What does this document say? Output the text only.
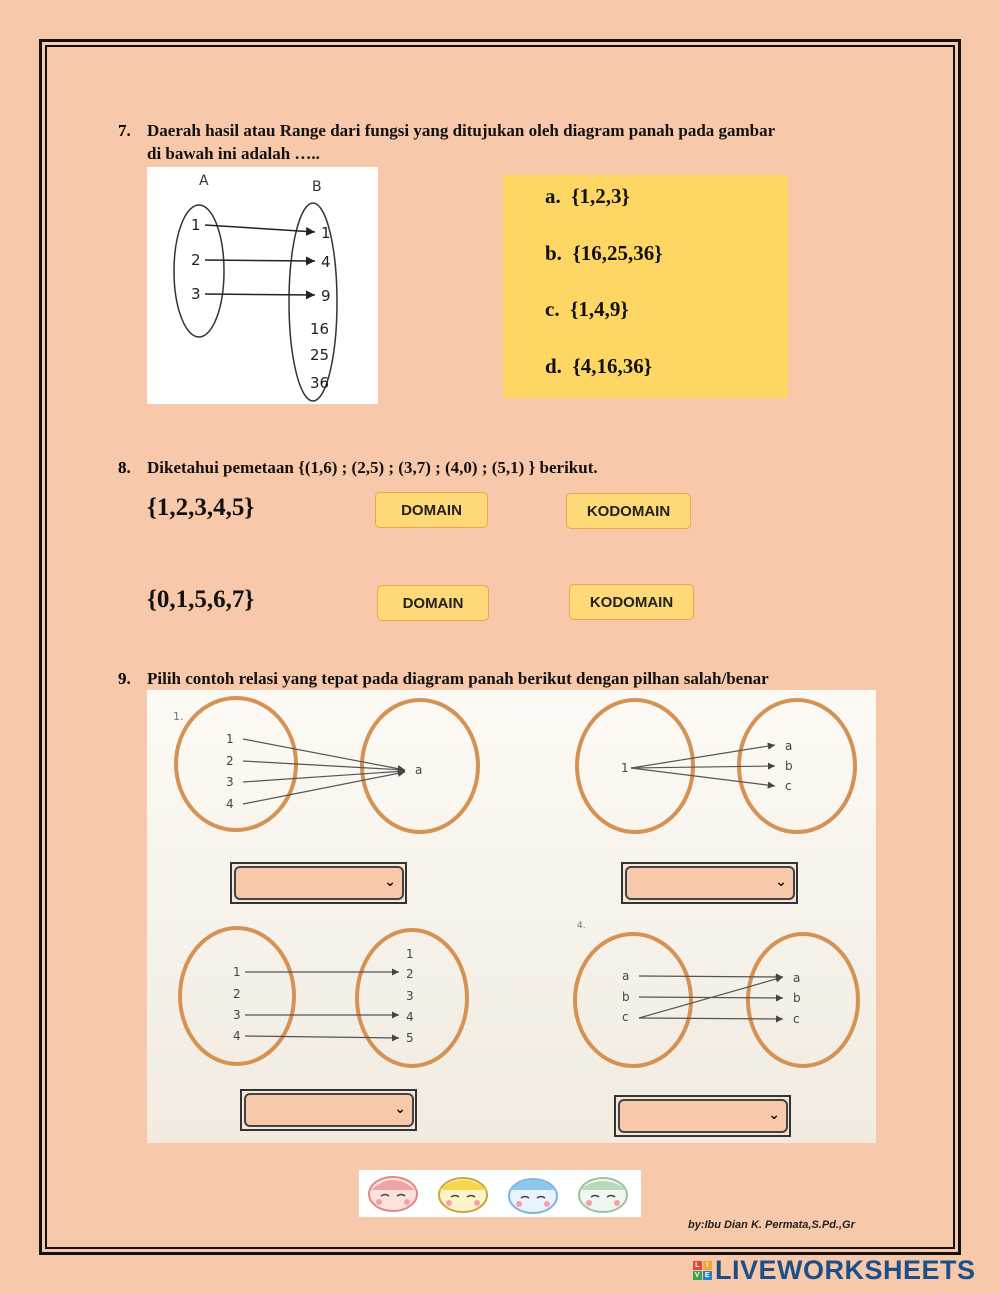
7. Daerah hasil atau Range dari fungsi yang ditujukan oleh diagram panah pada gambar
di bawah ini adalah …..
A	B
1
2
3
1
4
9
16
25
36
a. {1,2,3}
b. {16,25,36}
c. {1,4,9}
d. {4,16,36}
8. Diketahui pemetaan {(1,6) ; (2,5) ; (3,7) ; (4,0) ; (5,1) } berikut.
{1,2,3,4,5}	DOMAIN	KODOMAIN
{0,1,5,6,7}	DOMAIN	KODOMAIN
9. Pilih contoh relasi yang tepat pada diagram panah berikut dengan pilhan salah/benar
1.
1
2
3
4
a	1
a
b
c
1
2
3
4
1
2
3
4
5
4.
a
b
c
a
b
c
⌄	⌄
⌄	⌄
by:Ibu Dian K. Permata,S.Pd.,Gr
L I
V E LIVEWORKSHEETS
